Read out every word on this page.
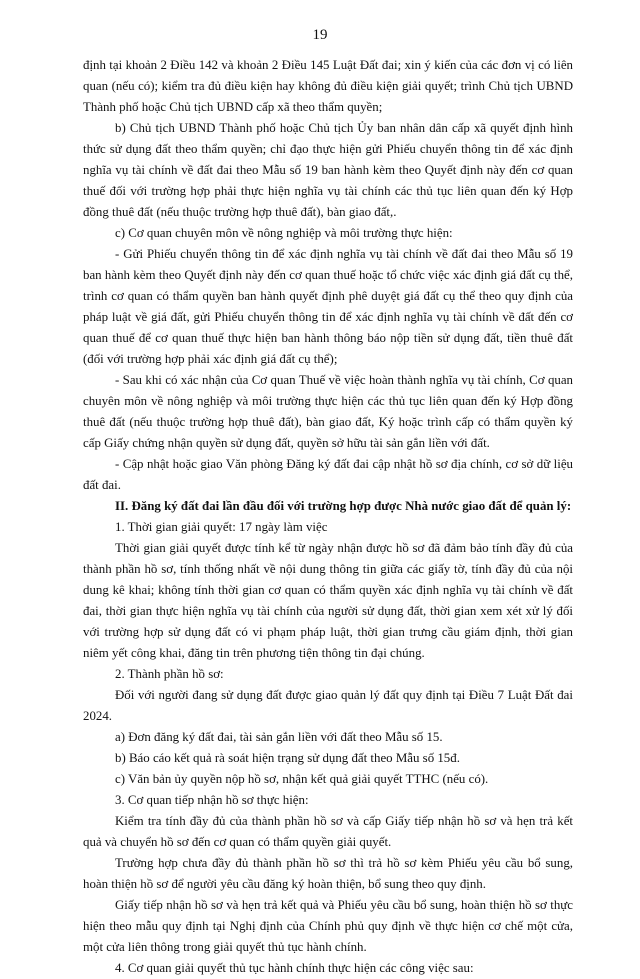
19

định tại khoản 2 Điều 142 và khoản 2 Điều 145 Luật Đất đai; xin ý kiến của các đơn vị có liên quan (nếu có); kiểm tra đủ điều kiện hay không đủ điều kiện giải quyết; trình Chủ tịch UBND Thành phố hoặc Chủ tịch UBND cấp xã theo thẩm quyền;

b) Chủ tịch UBND Thành phố hoặc Chủ tịch Ủy ban nhân dân cấp xã quyết định hình thức sử dụng đất theo thẩm quyền; chỉ đạo thực hiện gửi Phiếu chuyển thông tin để xác định nghĩa vụ tài chính về đất đai theo Mẫu số 19 ban hành kèm theo Quyết định này đến cơ quan thuế đối với trường hợp phải thực hiện nghĩa vụ tài chính các thủ tục liên quan đến ký Hợp đồng thuê đất (nếu thuộc trường hợp thuê đất), bàn giao đất,.

c) Cơ quan chuyên môn về nông nghiệp và môi trường thực hiện:

- Gửi Phiếu chuyển thông tin để xác định nghĩa vụ tài chính về đất đai theo Mẫu số 19 ban hành kèm theo Quyết định này đến cơ quan thuế hoặc tổ chức việc xác định giá đất cụ thể, trình cơ quan có thẩm quyền ban hành quyết định phê duyệt giá đất cụ thể theo quy định của pháp luật về giá đất, gửi Phiếu chuyển thông tin để xác định nghĩa vụ tài chính về đất đến cơ quan thuế để cơ quan thuế thực hiện ban hành thông báo nộp tiền sử dụng đất, tiền thuê đất (đối với trường hợp phải xác định giá đất cụ thể);

- Sau khi có xác nhận của Cơ quan Thuế về việc hoàn thành nghĩa vụ tài chính, Cơ quan chuyên môn về nông nghiệp và môi trường thực hiện các thủ tục liên quan đến ký Hợp đồng thuê đất (nếu thuộc trường hợp thuê đất), bàn giao đất, Ký hoặc trình cấp có thẩm quyền ký cấp Giấy chứng nhận quyền sử dụng đất, quyền sở hữu tài sản gắn liền với đất.

- Cập nhật hoặc giao Văn phòng Đăng ký đất đai cập nhật hồ sơ địa chính, cơ sở dữ liệu đất đai.

II. Đăng ký đất đai lần đầu đối với trường hợp được Nhà nước giao đất để quản lý:

1. Thời gian giải quyết: 17 ngày làm việc

Thời gian giải quyết được tính kể từ ngày nhận được hồ sơ đã đảm bảo tính đầy đủ của thành phần hồ sơ, tính thống nhất về nội dung thông tin giữa các giấy tờ, tính đầy đủ của nội dung kê khai; không tính thời gian cơ quan có thẩm quyền xác định nghĩa vụ tài chính về đất đai, thời gian thực hiện nghĩa vụ tài chính của người sử dụng đất, thời gian xem xét xử lý đối với trường hợp sử dụng đất có vi phạm pháp luật, thời gian trưng cầu giám định, thời gian niêm yết công khai, đăng tin trên phương tiện thông tin đại chúng.

2. Thành phần hồ sơ:

Đối với người đang sử dụng đất được giao quản lý đất quy định tại Điều 7 Luật Đất đai 2024.

a) Đơn đăng ký đất đai, tài sản gắn liền với đất theo Mẫu số 15.

b) Báo cáo kết quả rà soát hiện trạng sử dụng đất theo Mẫu số 15đ.

c) Văn bản ủy quyền nộp hồ sơ, nhận kết quả giải quyết TTHC (nếu có).

3. Cơ quan tiếp nhận hồ sơ thực hiện:

Kiểm tra tính đầy đủ của thành phần hồ sơ và cấp Giấy tiếp nhận hồ sơ và hẹn trả kết quả và chuyển hồ sơ đến cơ quan có thẩm quyền giải quyết.

Trường hợp chưa đầy đủ thành phần hồ sơ thì trả hồ sơ kèm Phiếu yêu cầu bổ sung, hoàn thiện hồ sơ để người yêu cầu đăng ký hoàn thiện, bổ sung theo quy định.

Giấy tiếp nhận hồ sơ và hẹn trả kết quả và Phiếu yêu cầu bổ sung, hoàn thiện hồ sơ thực hiện theo mẫu quy định tại Nghị định của Chính phủ quy định về thực hiện cơ chế một cửa, một cửa liên thông trong giải quyết thủ tục hành chính.

4. Cơ quan giải quyết thủ tục hành chính thực hiện các công việc sau:
